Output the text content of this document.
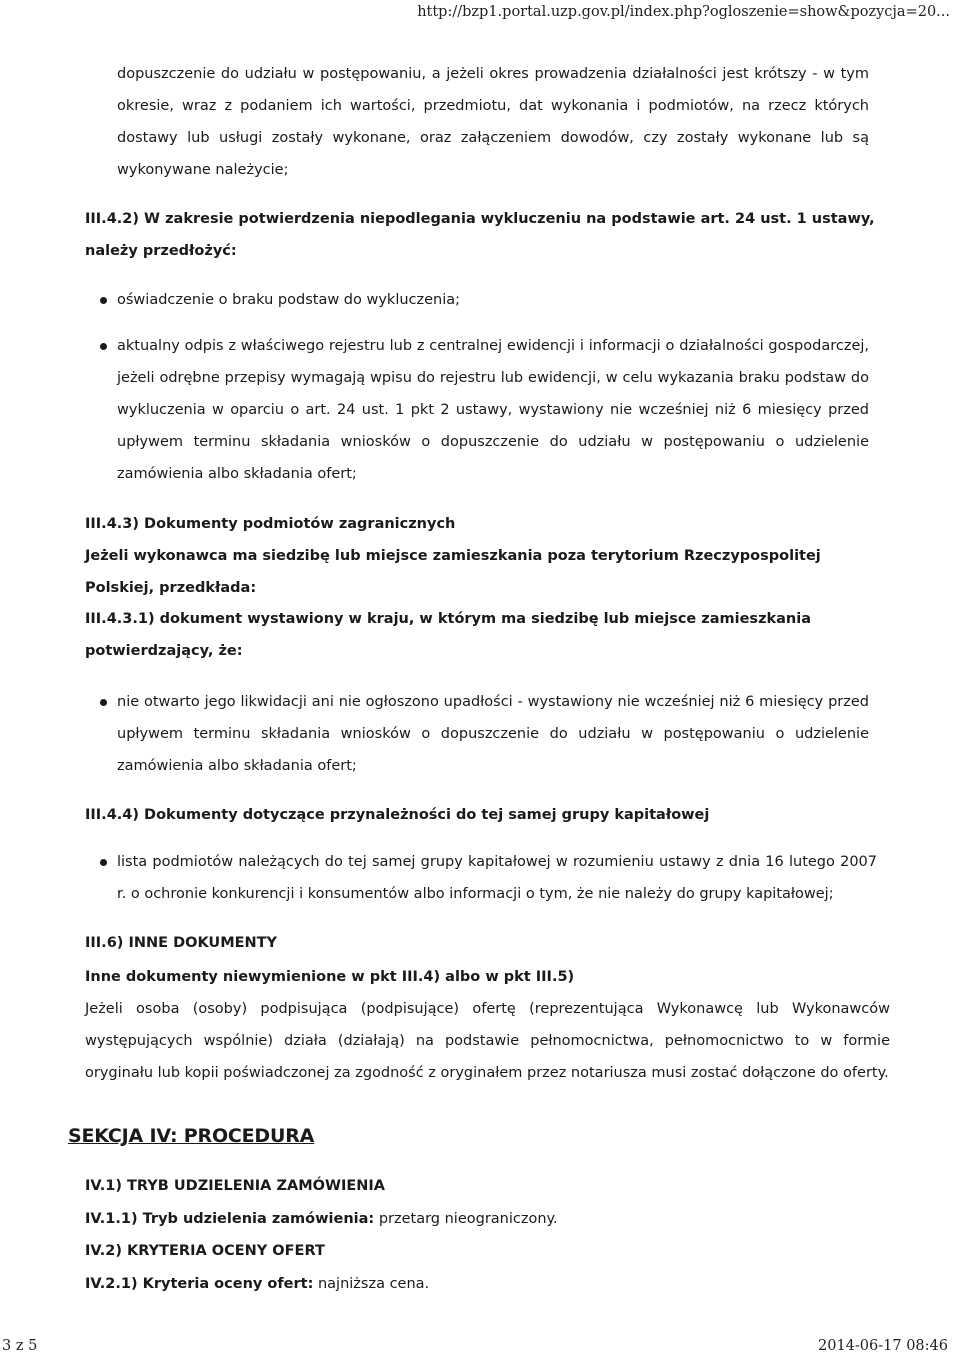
http://bzp1.portal.uzp.gov.pl/index.php?ogloszenie=show&pozycja=20...
dopuszczenie do udziału w postępowaniu, a jeżeli okres prowadzenia działalności jest krótszy - w tym okresie, wraz z podaniem ich wartości, przedmiotu, dat wykonania i podmiotów, na rzecz których dostawy lub usługi zostały wykonane, oraz załączeniem dowodów, czy zostały wykonane lub są wykonywane należycie;
III.4.2) W zakresie potwierdzenia niepodlegania wykluczeniu na podstawie art. 24 ust. 1 ustawy, należy przedłożyć:
oświadczenie o braku podstaw do wykluczenia;
aktualny odpis z właściwego rejestru lub z centralnej ewidencji i informacji o działalności gospodarczej, jeżeli odrębne przepisy wymagają wpisu do rejestru lub ewidencji, w celu wykazania braku podstaw do wykluczenia w oparciu o art. 24 ust. 1 pkt 2 ustawy, wystawiony nie wcześniej niż 6 miesięcy przed upływem terminu składania wniosków o dopuszczenie do udziału w postępowaniu o udzielenie zamówienia albo składania ofert;
III.4.3) Dokumenty podmiotów zagranicznych
Jeżeli wykonawca ma siedzibę lub miejsce zamieszkania poza terytorium Rzeczypospolitej Polskiej, przedkłada:
III.4.3.1) dokument wystawiony w kraju, w którym ma siedzibę lub miejsce zamieszkania potwierdzający, że:
nie otwarto jego likwidacji ani nie ogłoszono upadłości - wystawiony nie wcześniej niż 6 miesięcy przed upływem terminu składania wniosków o dopuszczenie do udziału w postępowaniu o udzielenie zamówienia albo składania ofert;
III.4.4) Dokumenty dotyczące przynależności do tej samej grupy kapitałowej
lista podmiotów należących do tej samej grupy kapitałowej w rozumieniu ustawy z dnia 16 lutego 2007 r. o ochronie konkurencji i konsumentów albo informacji o tym, że nie należy do grupy kapitałowej;
III.6) INNE DOKUMENTY
Inne dokumenty niewymienione w pkt III.4) albo w pkt III.5)
Jeżeli osoba (osoby) podpisująca (podpisujące) ofertę (reprezentująca Wykonawcę lub Wykonawców występujących wspólnie) działa (działają) na podstawie pełnomocnictwa, pełnomocnictwo to w formie oryginału lub kopii poświadczonej za zgodność z oryginałem przez notariusza musi zostać dołączone do oferty.
SEKCJA IV: PROCEDURA
IV.1) TRYB UDZIELENIA ZAMÓWIENIA
IV.1.1) Tryb udzielenia zamówienia: przetarg nieograniczony.
IV.2) KRYTERIA OCENY OFERT
IV.2.1) Kryteria oceny ofert: najniższa cena.
3 z 5	2014-06-17 08:46
